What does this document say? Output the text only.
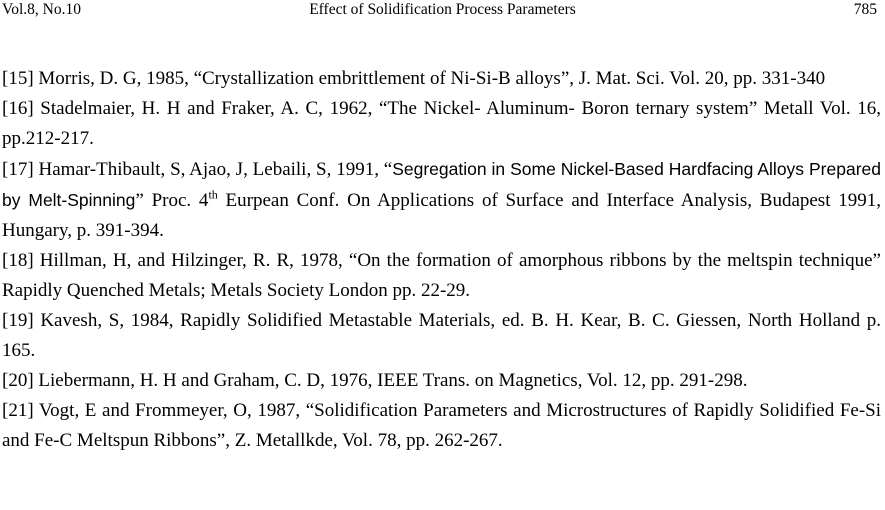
Vol.8, No.10	Effect of Solidification Process Parameters	785

[15] Morris, D. G, 1985, “Crystallization embrittlement of Ni-Si-B alloys”, J. Mat. Sci. Vol. 20, pp. 331-340

[16] Stadelmaier, H. H and Fraker, A. C, 1962, “The Nickel- Aluminum- Boron ternary system” Metall Vol. 16, pp.212-217.

[17] Hamar-Thibault, S, Ajao, J, Lebaili, S, 1991, “Segregation in Some Nickel-Based Hardfacing Alloys Prepared by Melt-Spinning” Proc. 4th Eurpean Conf. On Applications of Surface and Interface Analysis, Budapest 1991, Hungary, p. 391-394.

[18] Hillman, H, and Hilzinger, R. R, 1978, “On the formation of amorphous ribbons by the meltspin technique” Rapidly Quenched Metals; Metals Society London pp. 22-29.

[19] Kavesh, S, 1984, Rapidly Solidified Metastable Materials, ed. B. H. Kear, B. C. Giessen, North Holland p. 165.

[20] Liebermann, H. H and Graham, C. D, 1976, IEEE Trans. on Magnetics, Vol. 12, pp. 291-298.

[21] Vogt, E and Frommeyer, O, 1987, “Solidification Parameters and Microstructures of Rapidly Solidified Fe-Si and Fe-C Meltspun Ribbons”, Z. Metallkde, Vol. 78, pp. 262-267.
